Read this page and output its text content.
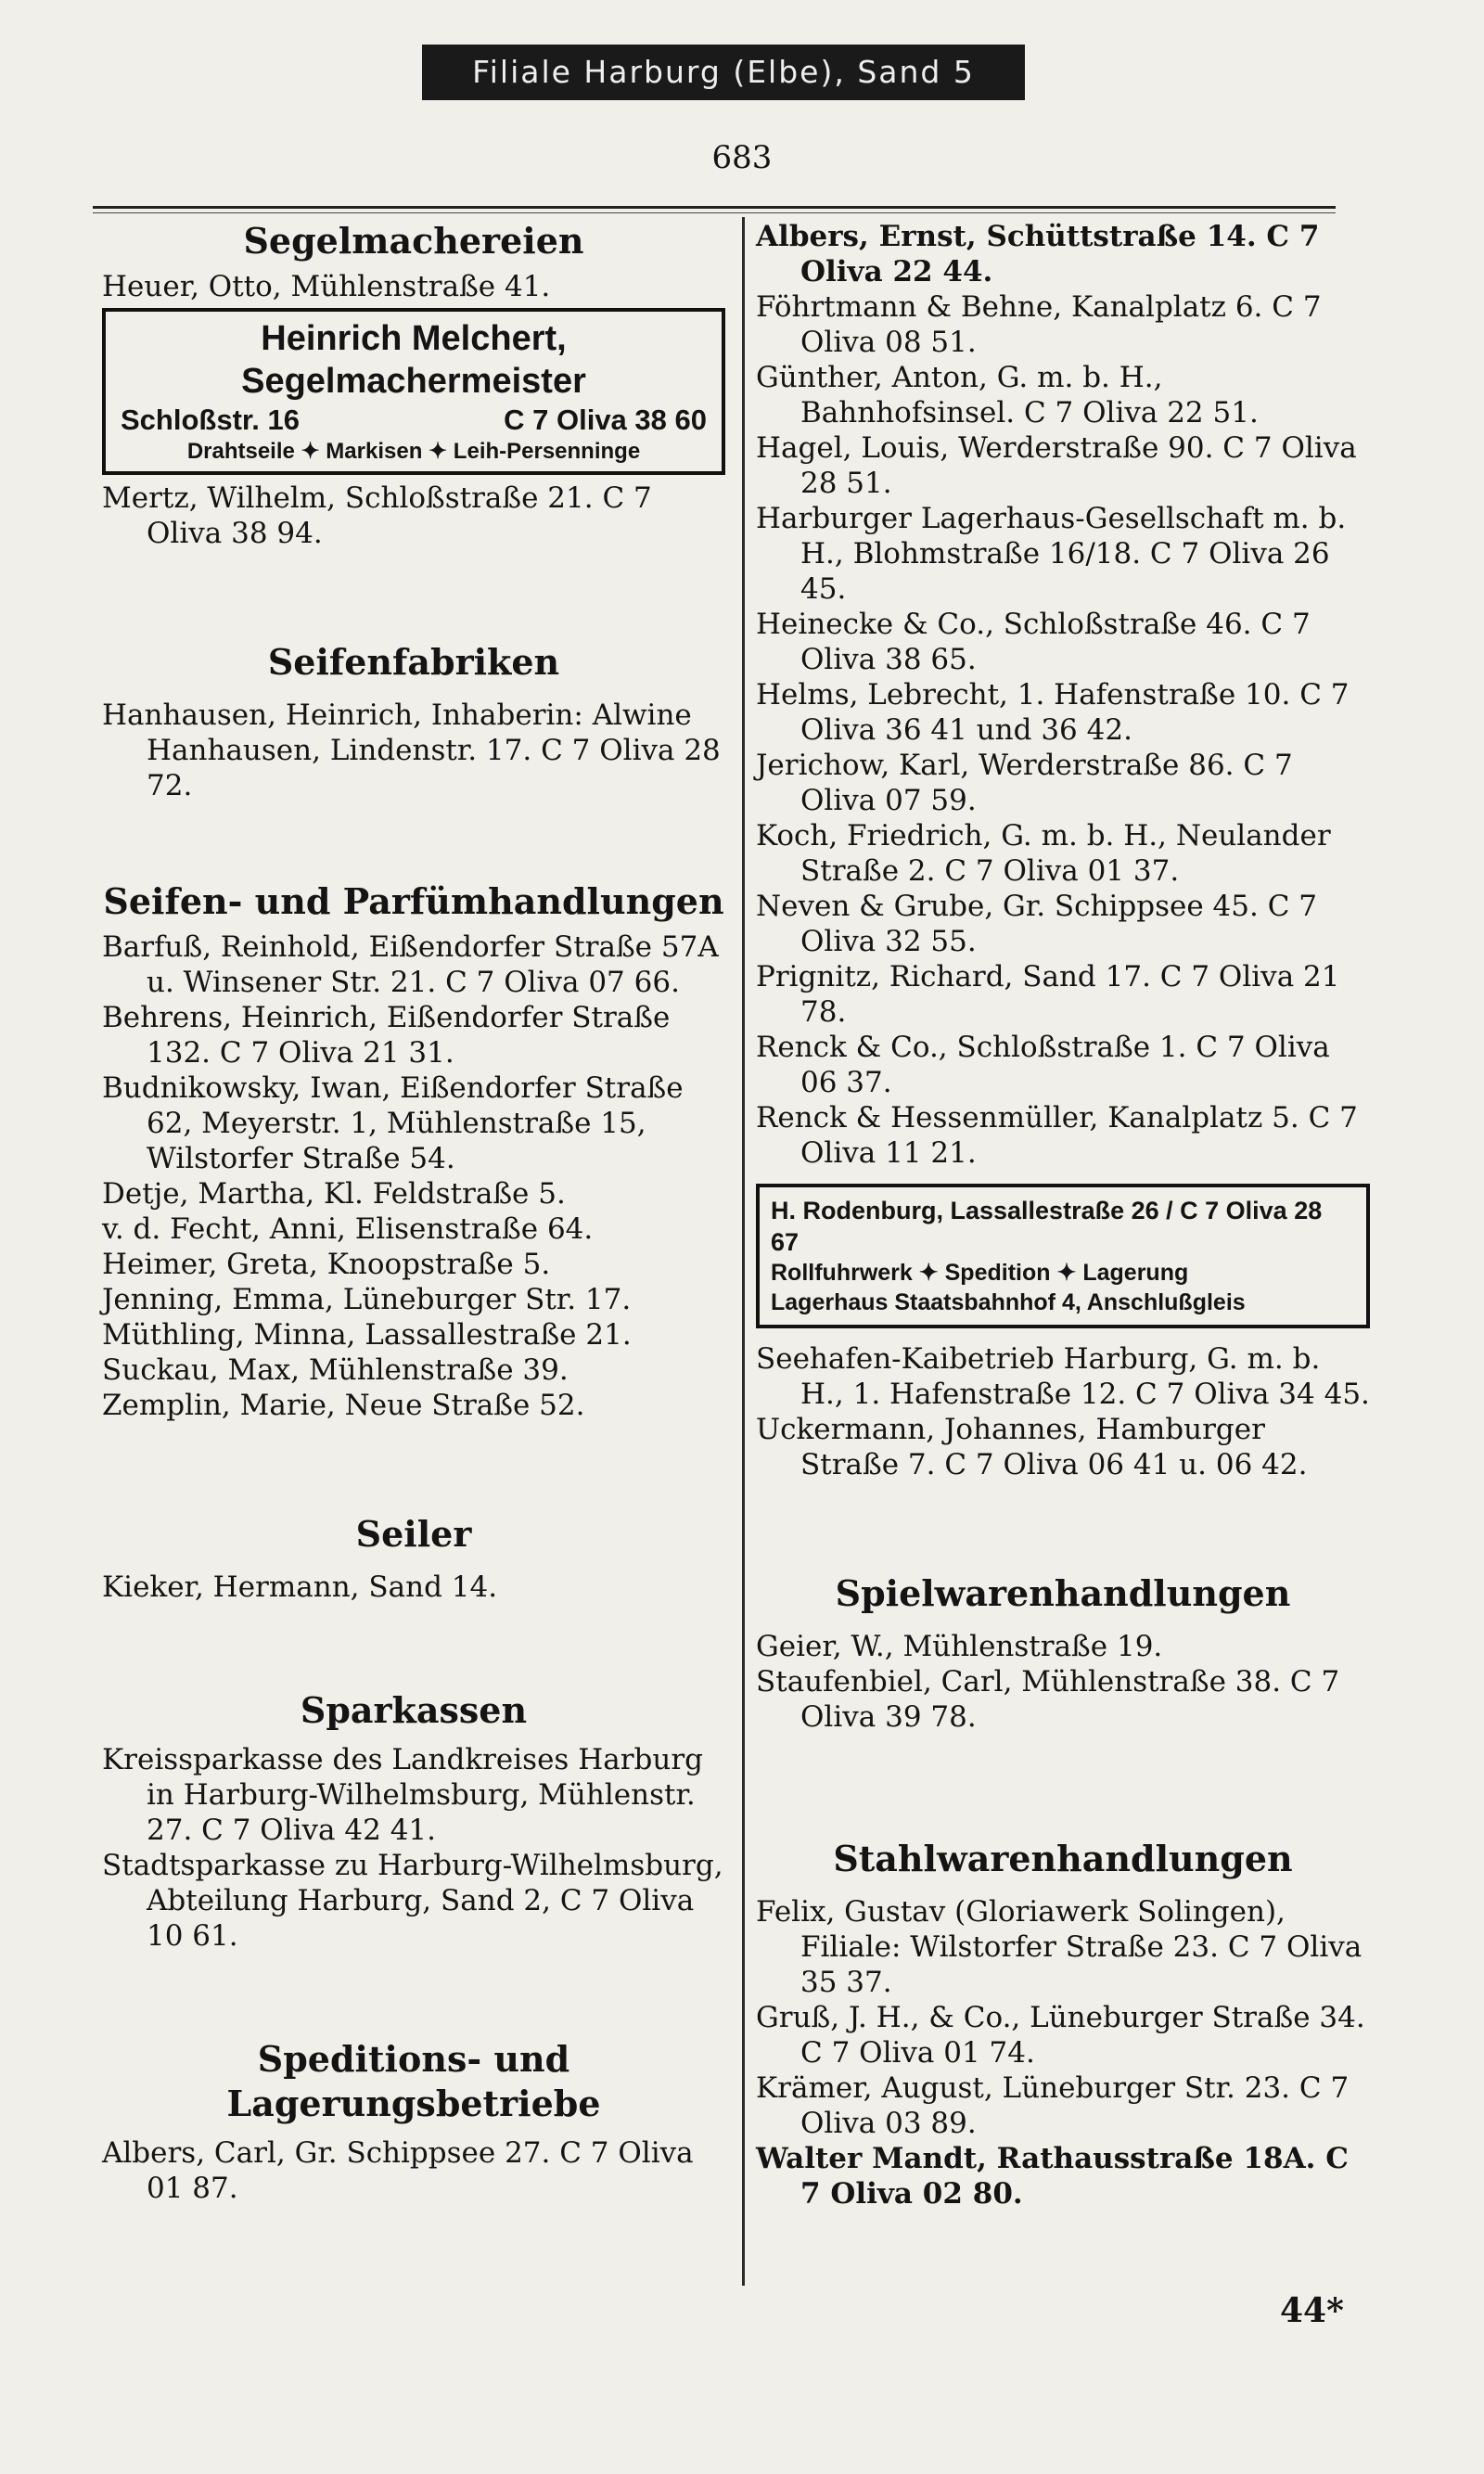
Filiale Harburg (Elbe), Sand 5
683
Segelmachereien
Heuer, Otto, Mühlenstraße 41.
Heinrich Melchert, Segelmachermeister
Schloßstr. 16	C 7 Oliva 38 60
Drahtseile ✦ Markisen ✦ Leih-Persenninge
Mertz, Wilhelm, Schloßstraße 21. C 7 Oliva 38 94.
Seifenfabriken
Hanhausen, Heinrich, Inhaberin: Alwine Hanhausen, Lindenstr. 17. C 7 Oliva 28 72.
Seifen- und Parfümhandlungen
Barfuß, Reinhold, Eißendorfer Straße 57A u. Winsener Str. 21. C 7 Oliva 07 66.
Behrens, Heinrich, Eißendorfer Straße 132. C 7 Oliva 21 31.
Budnikowsky, Iwan, Eißendorfer Straße 62, Meyerstr. 1, Mühlenstraße 15, Wilstorfer Straße 54.
Detje, Martha, Kl. Feldstraße 5.
v. d. Fecht, Anni, Elisenstraße 64.
Heimer, Greta, Knoopstraße 5.
Jenning, Emma, Lüneburger Str. 17.
Müthling, Minna, Lassallestraße 21.
Suckau, Max, Mühlenstraße 39.
Zemplin, Marie, Neue Straße 52.
Seiler
Kieker, Hermann, Sand 14.
Sparkassen
Kreissparkasse des Landkreises Harburg in Harburg-Wilhelmsburg, Mühlenstr. 27. C 7 Oliva 42 41.
Stadtsparkasse zu Harburg-Wilhelmsburg, Abteilung Harburg, Sand 2, C 7 Oliva 10 61.
Speditions- und Lagerungsbetriebe
Albers, Carl, Gr. Schippsee 27. C 7 Oliva 01 87.
Albers, Ernst, Schüttstraße 14. C 7 Oliva 22 44.
Föhrtmann & Behne, Kanalplatz 6. C 7 Oliva 08 51.
Günther, Anton, G. m. b. H., Bahnhofsinsel. C 7 Oliva 22 51.
Hagel, Louis, Werderstraße 90. C 7 Oliva 28 51.
Harburger Lagerhaus-Gesellschaft m. b. H., Blohmstraße 16/18. C 7 Oliva 26 45.
Heinecke & Co., Schloßstraße 46. C 7 Oliva 38 65.
Helms, Lebrecht, 1. Hafenstraße 10. C 7 Oliva 36 41 und 36 42.
Jerichow, Karl, Werderstraße 86. C 7 Oliva 07 59.
Koch, Friedrich, G. m. b. H., Neulander Straße 2. C 7 Oliva 01 37.
Neven & Grube, Gr. Schippsee 45. C 7 Oliva 32 55.
Prignitz, Richard, Sand 17. C 7 Oliva 21 78.
Renck & Co., Schloßstraße 1. C 7 Oliva 06 37.
Renck & Hessenmüller, Kanalplatz 5. C 7 Oliva 11 21.
H. Rodenburg, Lassallestraße 26 / C 7 Oliva 28 67
Rollfuhrwerk ✦ Spedition ✦ Lagerung
Lagerhaus Staatsbahnhof 4, Anschlußgleis
Seehafen-Kaibetrieb Harburg, G. m. b. H., 1. Hafenstraße 12. C 7 Oliva 34 45.
Uckermann, Johannes, Hamburger Straße 7. C 7 Oliva 06 41 u. 06 42.
Spielwarenhandlungen
Geier, W., Mühlenstraße 19.
Staufenbiel, Carl, Mühlenstraße 38. C 7 Oliva 39 78.
Stahlwarenhandlungen
Felix, Gustav (Gloriawerk Solingen), Filiale: Wilstorfer Straße 23. C 7 Oliva 35 37.
Gruß, J. H., & Co., Lüneburger Straße 34. C 7 Oliva 01 74.
Krämer, August, Lüneburger Str. 23. C 7 Oliva 03 89.
Walter Mandt, Rathausstraße 18A. C 7 Oliva 02 80.
44*
